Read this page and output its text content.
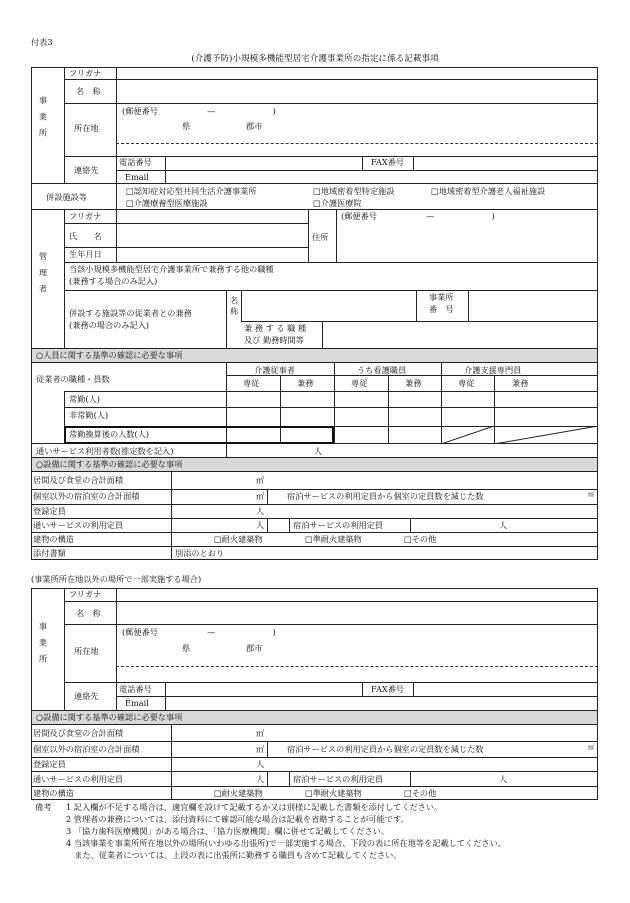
付表3
(介護予防)小規模多機能型居宅介護事業所の指定に係る記載事項
事業所
フリガナ
名　称
所在地
(郵便番号　　　　　　—　　　　　　　)
県	郡市
連絡先
電話番号	FAX番号
Email
併設施設等
□認知症対応型共同生活介護事業所	□地域密着型特定施設	□地域密着型介護老人福祉施設
□介護療養型医療施設	□介護医療院
管理者
フリガナ
氏　　名
生年月日
住所
(郵便番号　　　　　　—　　　　　　　)
当該小規模多機能型居宅介護事業所で兼務する他の職種
(兼務する場合のみ記入)
併設する施設等の従業者との兼務
(兼務の場合のみ記入)
名
称
事業所
番　号
兼 務 す る 職 種
及び 勤務時間等
○人員に関する基準の確認に必要な事項
従業者の職種・員数
介護従事者	うち看護職員	介護支援専門員
専従	兼務	専従	兼務	専従	兼務
常勤(人)
非常勤(人)
常勤換算後の人数(人)
通いサービス利用者数(推定数を記入)	人
○設備に関する基準の確認に必要な事項
居間及び食堂の合計面積	㎡
個室以外の宿泊室の合計面積	㎡	宿泊サービスの利用定員から個室の定員数を減じた数	㎡
登録定員	人
通いサービスの利用定員	人	宿泊サービスの利用定員	人
建物の構造	□耐火建築物	□準耐火建築物	□その他
添付書類	別添のとおり
(事業所所在地以外の場所で一部実施する場合)
事業所
フリガナ
名　称
所在地
(郵便番号　　　　　　—　　　　　　　)
県	郡市
連絡先
電話番号	FAX番号
Email
○設備に関する基準の確認に必要な事項
居間及び食堂の合計面積	㎡
個室以外の宿泊室の合計面積	㎡	宿泊サービスの利用定員から個室の定員数を減じた数	㎡
登録定員	人
通いサービスの利用定員	人	宿泊サービスの利用定員	人
建物の構造	□耐火建築物	□準耐火建築物	□その他
備考 1 記入欄が不足する場合は、適宜欄を設けて記載するか又は別様に記載した書類を添付してください。
2 管理者の兼務については、添付資料にて確認可能な場合は記載を省略することが可能です。
3 「協力歯科医療機関」がある場合は、「協力医療機関」欄に併せて記載してください。
4 当該事業を事業所所在地以外の場所(いわゆる出張所)で一部実施する場合、下段の表に所在地等を記載してください。
　また、従業者については、上段の表に出張所に勤務する職員も含めて記載してください。
